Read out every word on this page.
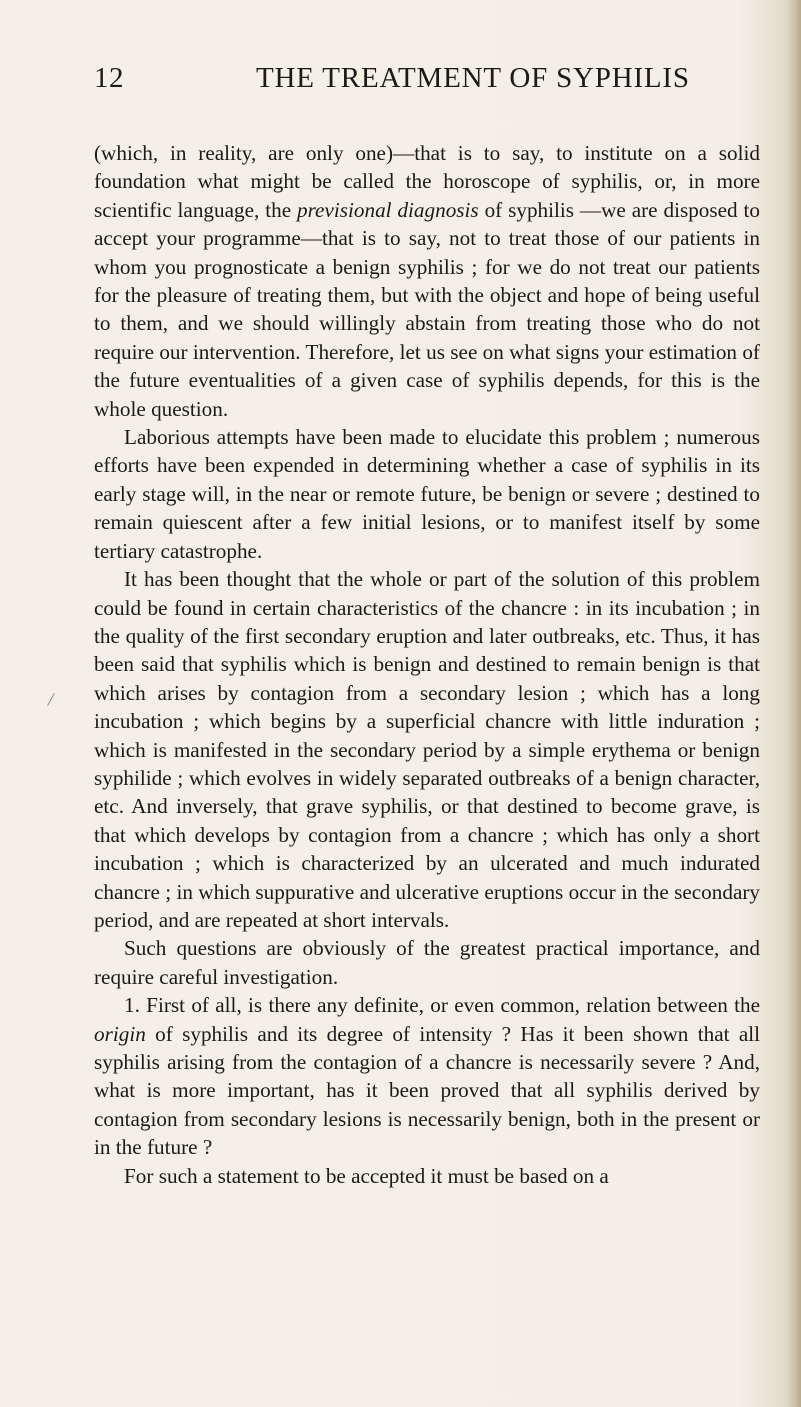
12	THE TREATMENT OF SYPHILIS
/

(which, in reality, are only one)—that is to say, to institute on a solid foundation what might be called the horoscope of syphilis, or, in more scientific language, the previsional diagnosis of syphilis —we are disposed to accept your programme—that is to say, not to treat those of our patients in whom you prognosticate a benign syphilis ; for we do not treat our patients for the pleasure of treating them, but with the object and hope of being useful to them, and we should willingly abstain from treating those who do not require our intervention. Therefore, let us see on what signs your estimation of the future eventualities of a given case of syphilis depends, for this is the whole question.

Laborious attempts have been made to elucidate this problem ; numerous efforts have been expended in determining whether a case of syphilis in its early stage will, in the near or remote future, be benign or severe ; destined to remain quiescent after a few initial lesions, or to manifest itself by some tertiary catastrophe.

It has been thought that the whole or part of the solution of this problem could be found in certain characteristics of the chancre : in its incubation ; in the quality of the first secondary eruption and later outbreaks, etc. Thus, it has been said that syphilis which is benign and destined to remain benign is that which arises by contagion from a secondary lesion ; which has a long incubation ; which begins by a superficial chancre with little induration ; which is manifested in the secondary period by a simple erythema or benign syphilide ; which evolves in widely separated outbreaks of a benign character, etc. And inversely, that grave syphilis, or that destined to become grave, is that which develops by contagion from a chancre ; which has only a short incubation ; which is characterized by an ulcerated and much indurated chancre ; in which suppurative and ulcerative eruptions occur in the secondary period, and are repeated at short intervals.

Such questions are obviously of the greatest practical importance, and require careful investigation.

1. First of all, is there any definite, or even common, relation between the origin of syphilis and its degree of intensity ? Has it been shown that all syphilis arising from the contagion of a chancre is necessarily severe ? And, what is more important, has it been proved that all syphilis derived by contagion from secondary lesions is necessarily benign, both in the present or in the future ?

For such a statement to be accepted it must be based on a
